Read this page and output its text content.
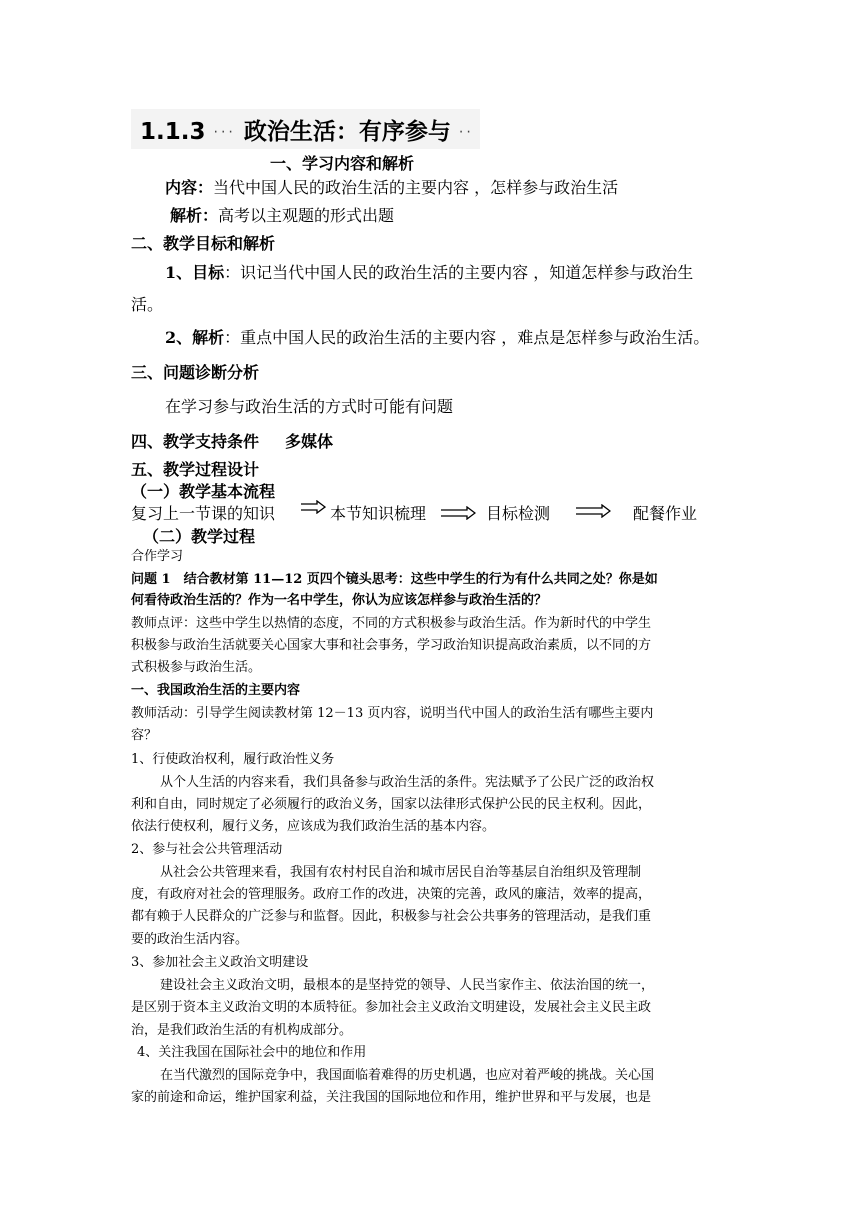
1.1.3 ··· 政治生活：有序参与 ··
一、学习内容和解析
内容：当代中国人民的政治生活的主要内容 ，怎样参与政治生活
解析：高考以主观题的形式出题
二、教学目标和解析
1、目标：识记当代中国人民的政治生活的主要内容 ，知道怎样参与政治生
活。
2、解析：重点中国人民的政治生活的主要内容 ，难点是怎样参与政治生活。
三、问题诊断分析
在学习参与政治生活的方式时可能有问题
四、教学支持条件 多媒体
五、教学过程设计
（一）教学基本流程
复习上一节课的知识	本节知识梳理	目标检测	配餐作业
（二）教学过程
合作学习
问题 1　结合教材第 11—12 页四个镜头思考：这些中学生的行为有什么共同之处？你是如
何看待政治生活的？作为一名中学生，你认为应该怎样参与政治生活的？
教师点评：这些中学生以热情的态度，不同的方式积极参与政治生活。作为新时代的中学生
积极参与政治生活就要关心国家大事和社会事务，学习政治知识提高政治素质，以不同的方
式积极参与政治生活。
一、我国政治生活的主要内容
教师活动：引导学生阅读教材第 12－13 页内容，说明当代中国人的政治生活有哪些主要内
容？
1、行使政治权利，履行政治性义务
从个人生活的内容来看，我们具备参与政治生活的条件。宪法赋予了公民广泛的政治权
利和自由，同时规定了必须履行的政治义务，国家以法律形式保护公民的民主权利。因此，
依法行使权利，履行义务，应该成为我们政治生活的基本内容。
2、参与社会公共管理活动
从社会公共管理来看，我国有农村村民自治和城市居民自治等基层自治组织及管理制
度，有政府对社会的管理服务。政府工作的改进，决策的完善，政风的廉洁，效率的提高，
都有赖于人民群众的广泛参与和监督。因此，积极参与社会公共事务的管理活动，是我们重
要的政治生活内容。
3、参加社会主义政治文明建设
建设社会主义政治文明，最根本的是坚持党的领导、人民当家作主、依法治国的统一，
是区别于资本主义政治文明的本质特征。参加社会主义政治文明建设，发展社会主义民主政
治，是我们政治生活的有机构成部分。
4、关注我国在国际社会中的地位和作用
在当代激烈的国际竞争中，我国面临着难得的历史机遇，也应对着严峻的挑战。关心国
家的前途和命运，维护国家利益，关注我国的国际地位和作用，维护世界和平与发展，也是
